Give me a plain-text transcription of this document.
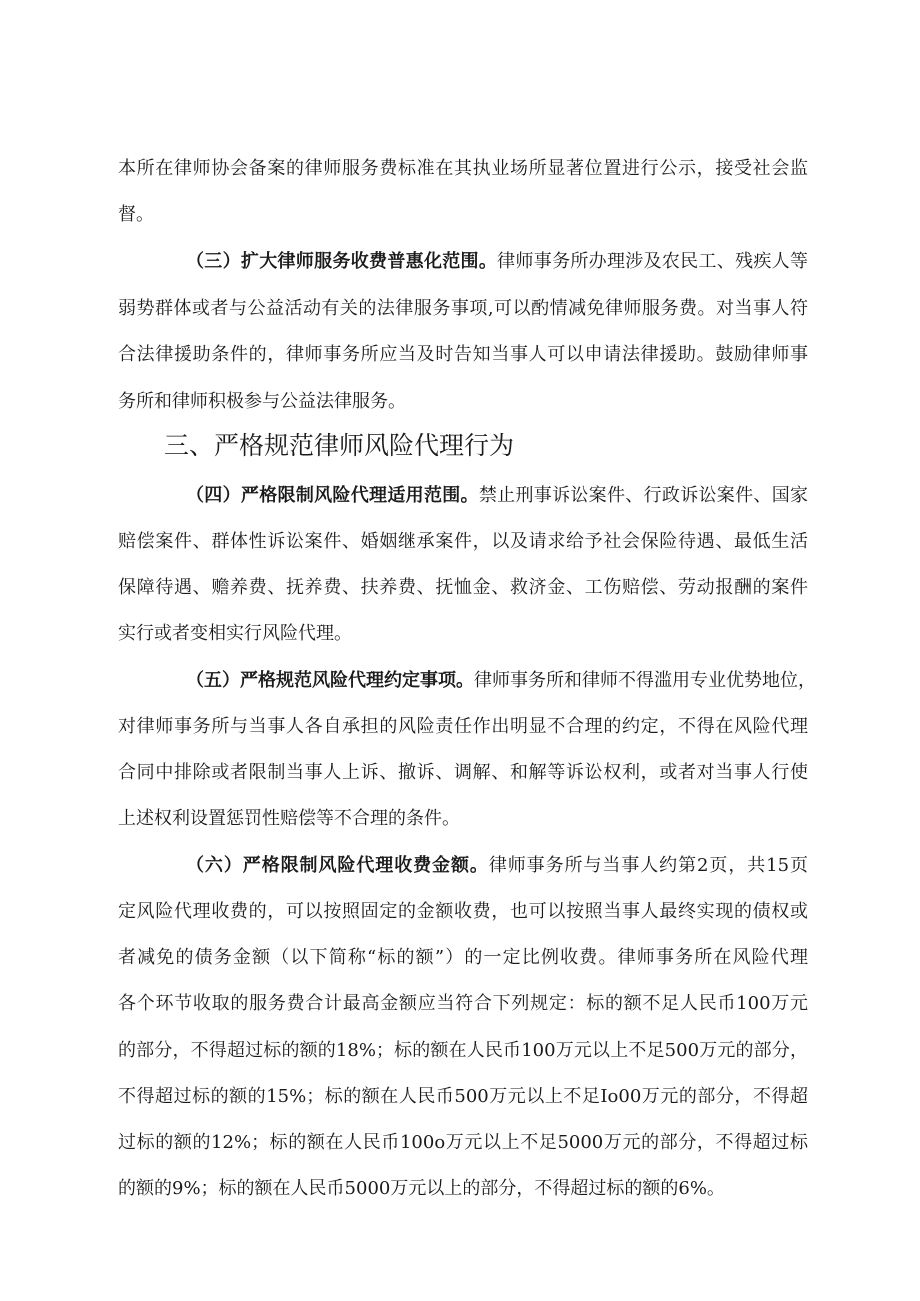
本所在律师协会备案的律师服务费标准在其执业场所显著位置进行公示，接受社会监
督。
（三）扩大律师服务收费普惠化范围。律师事务所办理涉及农民工、残疾人等
弱势群体或者与公益活动有关的法律服务事项,可以酌情减免律师服务费。对当事人符
合法律援助条件的，律师事务所应当及时告知当事人可以申请法律援助。鼓励律师事
务所和律师积极参与公益法律服务。
三、严格规范律师风险代理行为
（四）严格限制风险代理适用范围。禁止刑事诉讼案件、行政诉讼案件、国家
赔偿案件、群体性诉讼案件、婚姻继承案件，以及请求给予社会保险待遇、最低生活
保障待遇、赡养费、抚养费、扶养费、抚恤金、救济金、工伤赔偿、劳动报酬的案件
实行或者变相实行风险代理。
（五）严格规范风险代理约定事项。律师事务所和律师不得滥用专业优势地位，
对律师事务所与当事人各自承担的风险责任作出明显不合理的约定，不得在风险代理
合同中排除或者限制当事人上诉、撤诉、调解、和解等诉讼权利，或者对当事人行使
上述权利设置惩罚性赔偿等不合理的条件。
（六）严格限制风险代理收费金额。律师事务所与当事人约第2页，共15页
定风险代理收费的，可以按照固定的金额收费，也可以按照当事人最终实现的债权或
者减免的债务金额（以下简称“标的额”）的一定比例收费。律师事务所在风险代理
各个环节收取的服务费合计最高金额应当符合下列规定：标的额不足人民币100万元
的部分，不得超过标的额的18%；标的额在人民币100万元以上不足500万元的部分，
不得超过标的额的15%；标的额在人民币500万元以上不足Io00万元的部分，不得超
过标的额的12%；标的额在人民币100o万元以上不足5000万元的部分，不得超过标
的额的9%；标的额在人民币5000万元以上的部分，不得超过标的额的6%。
